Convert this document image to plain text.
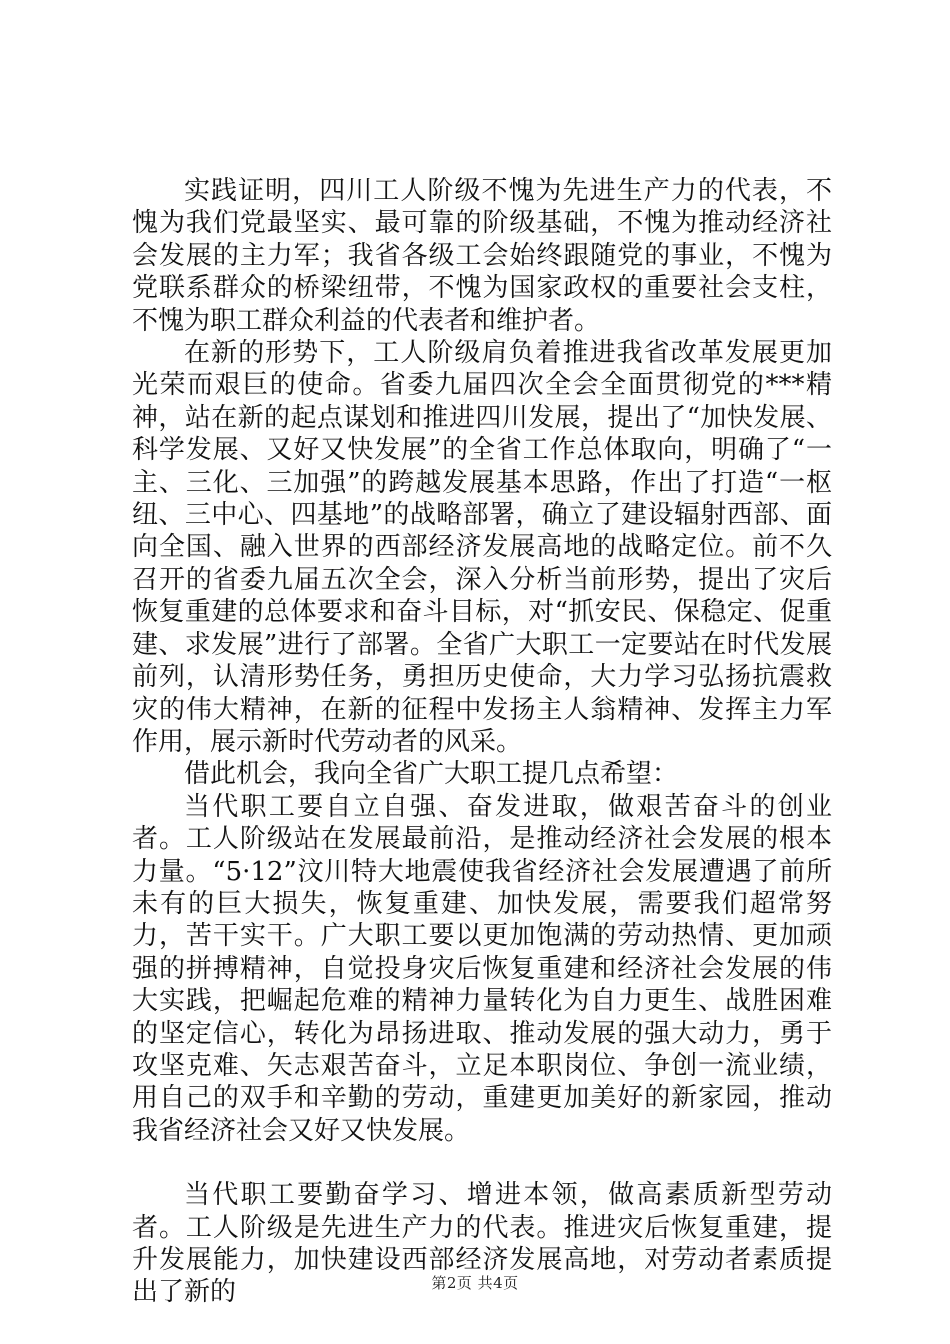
实践证明，四川工人阶级不愧为先进生产力的代表，不愧为我们党最坚实、最可靠的阶级基础，不愧为推动经济社会发展的主力军；我省各级工会始终跟随党的事业，不愧为党联系群众的桥梁纽带，不愧为国家政权的重要社会支柱，不愧为职工群众利益的代表者和维护者。

在新的形势下，工人阶级肩负着推进我省改革发展更加光荣而艰巨的使命。省委九届四次全会全面贯彻党的***精神，站在新的起点谋划和推进四川发展，提出了“加快发展、科学发展、又好又快发展”的全省工作总体取向，明确了“一主、三化、三加强”的跨越发展基本思路，作出了打造“一枢纽、三中心、四基地”的战略部署，确立了建设辐射西部、面向全国、融入世界的西部经济发展高地的战略定位。前不久召开的省委九届五次全会，深入分析当前形势，提出了灾后恢复重建的总体要求和奋斗目标，对“抓安民、保稳定、促重建、求发展”进行了部署。全省广大职工一定要站在时代发展前列，认清形势任务，勇担历史使命，大力学习弘扬抗震救灾的伟大精神，在新的征程中发扬主人翁精神、发挥主力军作用，展示新时代劳动者的风采。

借此机会，我向全省广大职工提几点希望：

当代职工要自立自强、奋发进取，做艰苦奋斗的创业者。工人阶级站在发展最前沿，是推动经济社会发展的根本力量。“5·12”汶川特大地震使我省经济社会发展遭遇了前所未有的巨大损失，恢复重建、加快发展，需要我们超常努力，苦干实干。广大职工要以更加饱满的劳动热情、更加顽强的拼搏精神，自觉投身灾后恢复重建和经济社会发展的伟大实践，把崛起危难的精神力量转化为自力更生、战胜困难的坚定信心，转化为昂扬进取、推动发展的强大动力，勇于攻坚克难、矢志艰苦奋斗，立足本职岗位、争创一流业绩，用自己的双手和辛勤的劳动，重建更加美好的新家园，推动我省经济社会又好又快发展。

当代职工要勤奋学习、增进本领，做高素质新型劳动者。工人阶级是先进生产力的代表。推进灾后恢复重建，提升发展能力，加快建设西部经济发展高地，对劳动者素质提出了新的	第2页 共4页
